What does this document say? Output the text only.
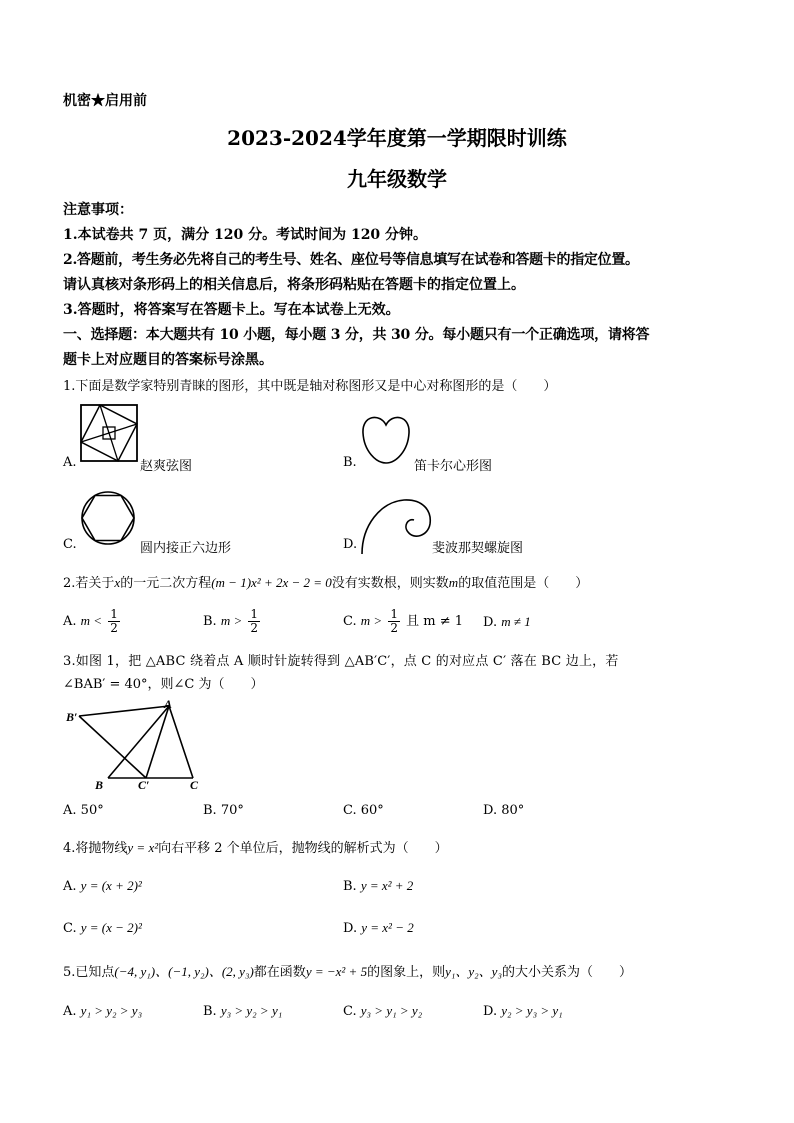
机密★启用前
2023-2024学年度第一学期限时训练
九年级数学
注意事项：
1.本试卷共 7 页，满分 120 分。考试时间为 120 分钟。
2.答题前，考生务必先将自己的考生号、姓名、座位号等信息填写在试卷和答题卡的指定位置。
请认真核对条形码上的相关信息后，将条形码粘贴在答题卡的指定位置上。
3.答题时，将答案写在答题卡上。写在本试卷上无效。
一、选择题：本大题共有 10 小题，每小题 3 分，共 30 分。每小题只有一个正确选项，请将答
题卡上对应题目的答案标号涂黑。
1.下面是数学家特别青睐的图形，其中既是轴对称图形又是中心对称图形的是（　　）
A.	赵爽弦图	B.	笛卡尔心形图
C.	圆内接正六边形	D.	斐波那契螺旋图
2.若关于x的一元二次方程(m − 1)x² + 2x − 2 = 0没有实数根，则实数m的取值范围是（　　）
A. $m < \frac{1}{2}$	B. $m > \frac{1}{2}$	C. $m > \frac{1}{2}$ 且 m ≠ 1 D. m ≠ 1
3.如图 1，把 △ABC 绕着点 A 顺时针旋转得到 △AB′C′，点 C 的对应点 C′ 落在 BC 边上，若
∠BAB′ = 40°，则∠C 为（　　）
A
B′
B	C′	C
A. 50°	B. 70°	C. 60°	D. 80°
4.将抛物线y = x²向右平移 2 个单位后，抛物线的解析式为（　　）
A. y = (x + 2)²	B. y = x² + 2
C. y = (x − 2)²	D. y = x² − 2
5.已知点(−4, y₁)、(−1, y₂)、(2, y₃)都在函数y = −x² + 5的图象上，则y₁、y₂、y₃的大小关系为（　　）
A. y₁ > y₂ > y₃	B. y₃ > y₂ > y₁	C. y₃ > y₁ > y₂	D. y₂ > y₃ > y₁
